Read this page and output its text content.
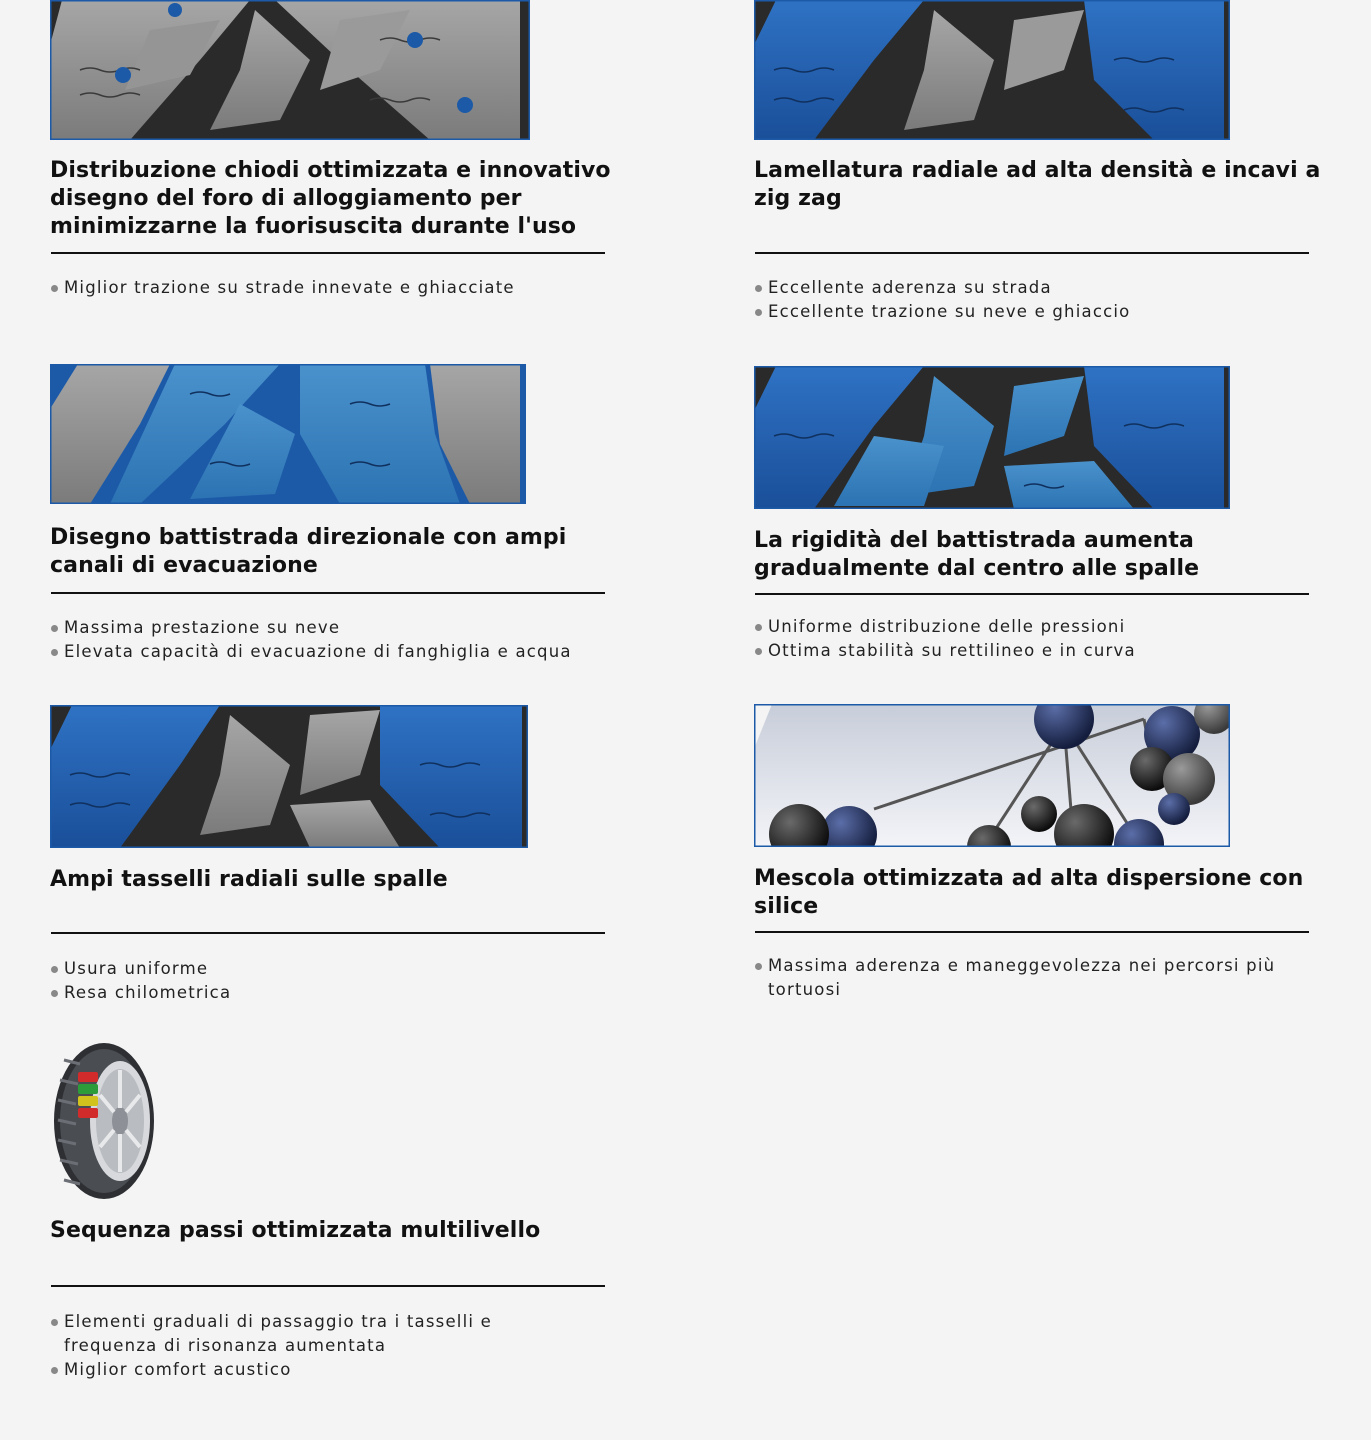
Distribuzione chiodi ottimizzata e innovativo disegno del foro di alloggiamento per minimizzarne la fuorisuscita durante l'uso
Miglior trazione su strade innevate e ghiacciate
Lamellatura radiale ad alta densità e incavi a zig zag
Eccellente aderenza su strada
Eccellente trazione su neve e ghiaccio
Disegno battistrada direzionale con ampi canali di evacuazione
Massima prestazione su neve
Elevata capacità di evacuazione di fanghiglia e acqua
La rigidità del battistrada aumenta gradualmente dal centro alle spalle
Uniforme distribuzione delle pressioni
Ottima stabilità su rettilineo e in curva
Ampi tasselli radiali sulle spalle
Usura uniforme
Resa chilometrica
Mescola ottimizzata ad alta dispersione con silice
Massima aderenza e maneggevolezza nei percorsi più tortuosi
Sequenza passi ottimizzata multilivello
Elementi graduali di passaggio tra i tasselli e frequenza di risonanza aumentata
Miglior comfort acustico
